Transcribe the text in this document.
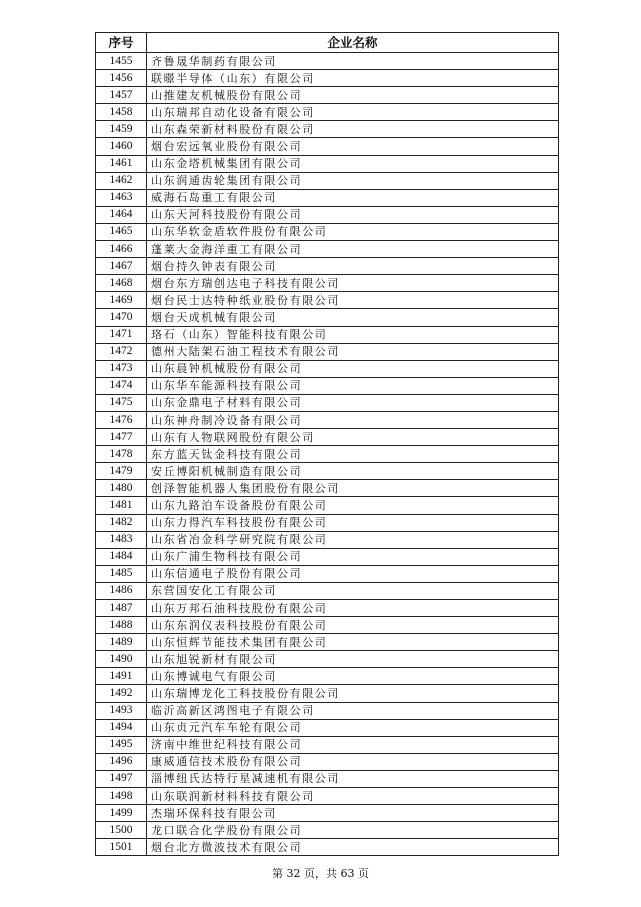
序号	企业名称
1455	齐鲁晟华制药有限公司
1456	联暻半导体（山东）有限公司
1457	山推建友机械股份有限公司
1458	山东瑞邦自动化设备有限公司
1459	山东森荣新材料股份有限公司
1460	烟台宏远氧业股份有限公司
1461	山东金塔机械集团有限公司
1462	山东润通齿轮集团有限公司
1463	威海石岛重工有限公司
1464	山东天河科技股份有限公司
1465	山东华软金盾软件股份有限公司
1466	蓬莱大金海洋重工有限公司
1467	烟台持久钟表有限公司
1468	烟台东方瑞创达电子科技有限公司
1469	烟台民士达特种纸业股份有限公司
1470	烟台天成机械有限公司
1471	珞石（山东）智能科技有限公司
1472	德州大陆架石油工程技术有限公司
1473	山东晨钟机械股份有限公司
1474	山东华车能源科技有限公司
1475	山东金鼎电子材料有限公司
1476	山东神舟制冷设备有限公司
1477	山东有人物联网股份有限公司
1478	东方蓝天钛金科技有限公司
1479	安丘博阳机械制造有限公司
1480	创泽智能机器人集团股份有限公司
1481	山东九路泊车设备股份有限公司
1482	山东力得汽车科技股份有限公司
1483	山东省冶金科学研究院有限公司
1484	山东广浦生物科技有限公司
1485	山东信通电子股份有限公司
1486	东营国安化工有限公司
1487	山东万邦石油科技股份有限公司
1488	山东东润仪表科技股份有限公司
1489	山东恒辉节能技术集团有限公司
1490	山东旭锐新材有限公司
1491	山东博诚电气有限公司
1492	山东瑞博龙化工科技股份有限公司
1493	临沂高新区鸿图电子有限公司
1494	山东贞元汽车车轮有限公司
1495	济南中维世纪科技有限公司
1496	康威通信技术股份有限公司
1497	淄博纽氏达特行星减速机有限公司
1498	山东联润新材料科技有限公司
1499	杰瑞环保科技有限公司
1500	龙口联合化学股份有限公司
1501	烟台北方微波技术有限公司
第 32 页，共 63 页
